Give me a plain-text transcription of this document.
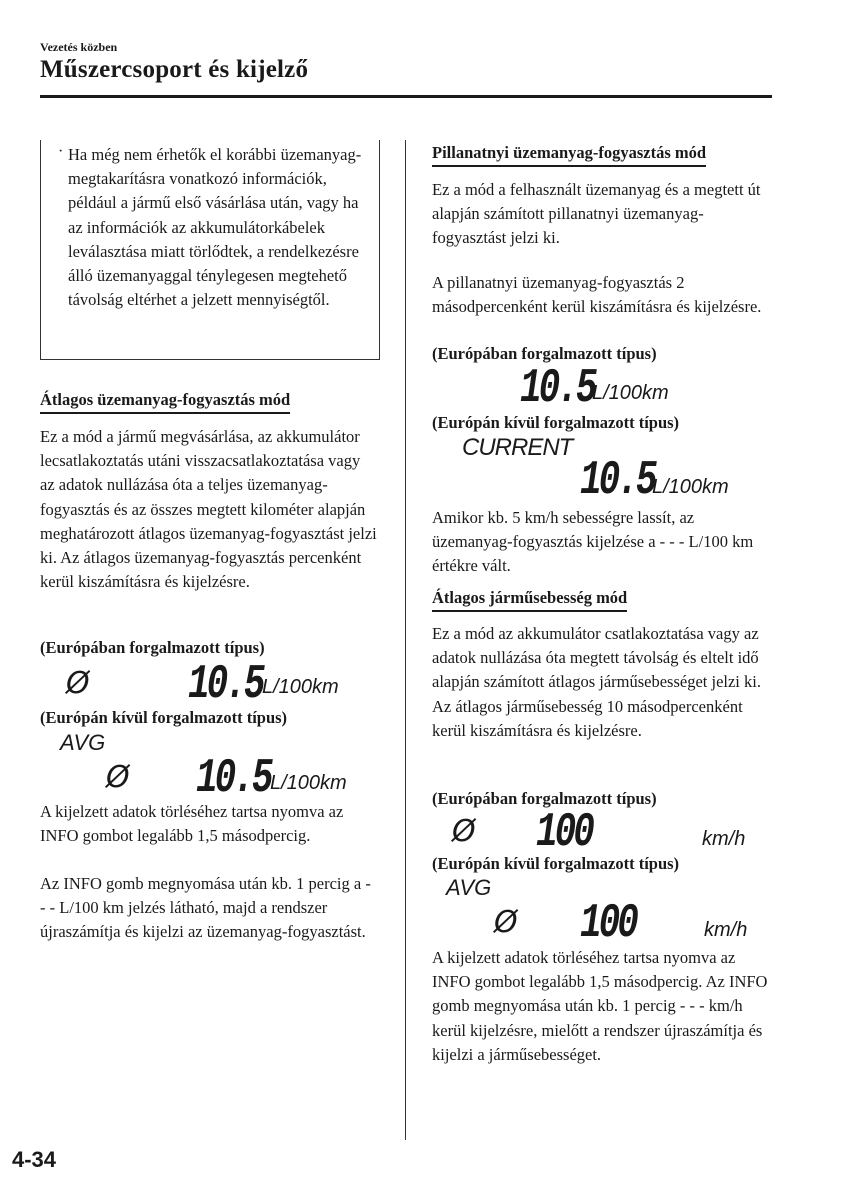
Vezetés közben
Műszercsoport és kijelző
· Ha még nem érhetők el korábbi üzemanyag-megtakarításra vonatkozó információk, például a jármű első vásárlása után, vagy ha az információk az akkumulátorkábelek leválasztása miatt törlődtek, a rendelkezésre álló üzemanyaggal ténylegesen megtehető távolság eltérhet a jelzett mennyiségtől.
Átlagos üzemanyag-fogyasztás mód
Ez a mód a jármű megvásárlása, az akkumulátor lecsatlakoztatás utáni visszacsatlakoztatása vagy az adatok nullázása óta a teljes üzemanyag-fogyasztás és az összes megtett kilométer alapján meghatározott átlagos üzemanyag-fogyasztást jelzi ki. Az átlagos üzemanyag-fogyasztás percenként kerül kiszámításra és kijelzésre.
(Európában forgalmazott típus)
Ø 10.5 L/100km
(Európán kívül forgalmazott típus)
AVG
Ø 10.5 L/100km
A kijelzett adatok törléséhez tartsa nyomva az INFO gombot legalább 1,5 másodpercig.
Az INFO gomb megnyomása után kb. 1 percig a - - - L/100 km jelzés látható, majd a rendszer újraszámítja és kijelzi az üzemanyag-fogyasztást.
Pillanatnyi üzemanyag-fogyasztás mód
Ez a mód a felhasznált üzemanyag és a megtett út alapján számított pillanatnyi üzemanyag-fogyasztást jelzi ki.
A pillanatnyi üzemanyag-fogyasztás 2 másodpercenként kerül kiszámításra és kijelzésre.
(Európában forgalmazott típus)
10.5
L/100km
(Európán kívül forgalmazott típus)
CURRENT
10.5
L/100km
Amikor kb. 5 km/h sebességre lassít, az üzemanyag-fogyasztás kijelzése a - - - L/100 km értékre vált.
Átlagos járműsebesség mód
Ez a mód az akkumulátor csatlakoztatása vagy az adatok nullázása óta megtett távolság és eltelt idő alapján számított átlagos járműsebességet jelzi ki.
Az átlagos járműsebesség 10 másodpercenként kerül kiszámításra és kijelzésre.
(Európában forgalmazott típus)
Ø 100	km/h
(Európán kívül forgalmazott típus)
AVG
Ø 100	km/h
A kijelzett adatok törléséhez tartsa nyomva az INFO gombot legalább 1,5 másodpercig. Az INFO gomb megnyomása után kb. 1 percig - - - km/h kerül kijelzésre, mielőtt a rendszer újraszámítja és kijelzi a járműsebességet.
4-34
